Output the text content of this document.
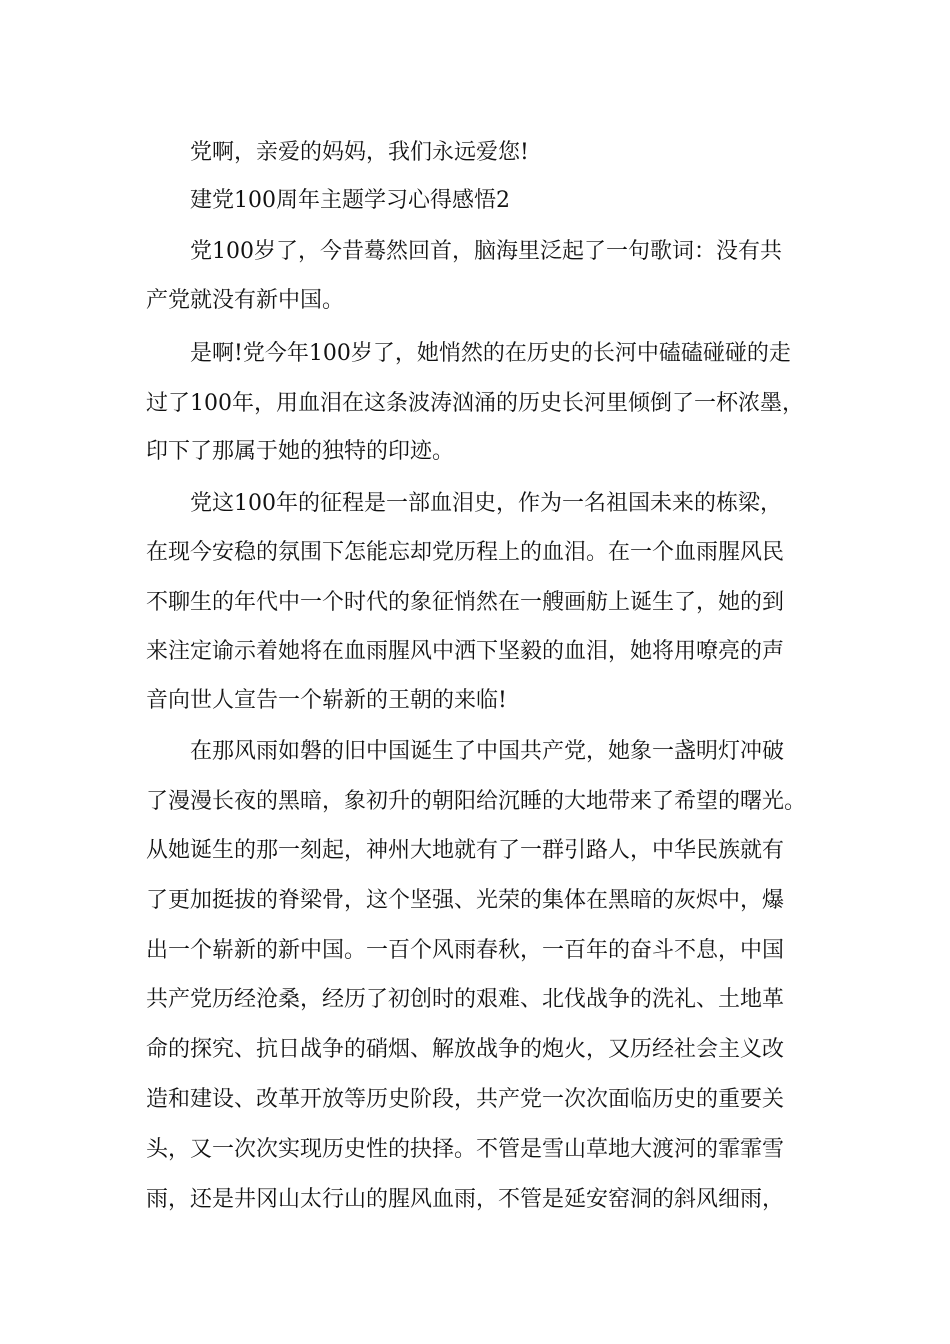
党啊，亲爱的妈妈，我们永远爱您!
建党100周年主题学习心得感悟2
党100岁了，今昔蓦然回首，脑海里泛起了一句歌词：没有共
产党就没有新中国。
是啊!党今年100岁了，她悄然的在历史的长河中磕磕碰碰的走
过了100年，用血泪在这条波涛汹涌的历史长河里倾倒了一杯浓墨，
印下了那属于她的独特的印迹。
党这100年的征程是一部血泪史，作为一名祖国未来的栋梁，
在现今安稳的氛围下怎能忘却党历程上的血泪。在一个血雨腥风民
不聊生的年代中一个时代的象征悄然在一艘画舫上诞生了，她的到
来注定谕示着她将在血雨腥风中洒下坚毅的血泪，她将用嘹亮的声
音向世人宣告一个崭新的王朝的来临!
在那风雨如磐的旧中国诞生了中国共产党，她象一盏明灯冲破
了漫漫长夜的黑暗，象初升的朝阳给沉睡的大地带来了希望的曙光。
从她诞生的那一刻起，神州大地就有了一群引路人，中华民族就有
了更加挺拔的脊梁骨，这个坚强、光荣的集体在黑暗的灰烬中，爆
出一个崭新的新中国。一百个风雨春秋，一百年的奋斗不息，中国
共产党历经沧桑，经历了初创时的艰难、北伐战争的洗礼、土地革
命的探究、抗日战争的硝烟、解放战争的炮火，又历经社会主义改
造和建设、改革开放等历史阶段，共产党一次次面临历史的重要关
头，又一次次实现历史性的抉择。不管是雪山草地大渡河的霏霏雪
雨，还是井冈山太行山的腥风血雨，不管是延安窑洞的斜风细雨，
